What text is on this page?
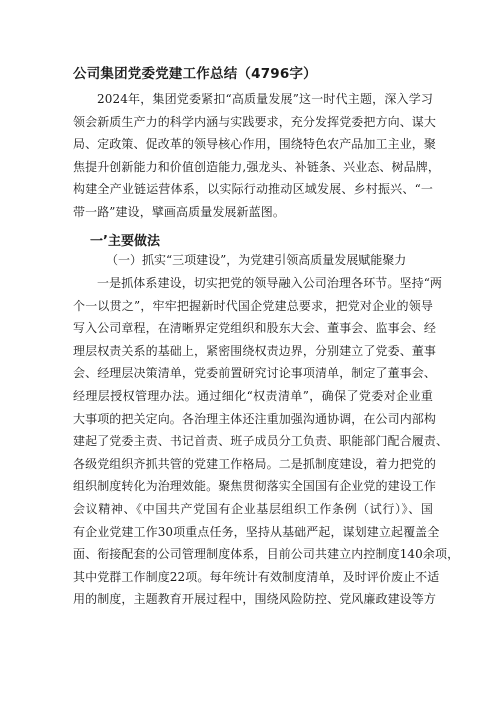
公司集团党委党建工作总结（4796字）
2024年，集团党委紧扣“高质量发展”这一时代主题，深入学习
领会新质生产力的科学内涵与实践要求，充分发挥党委把方向、谋大
局、定政策、促改革的领导核心作用，围绕特色农产品加工主业，聚
焦提升创新能力和价值创造能力,强龙头、补链条、兴业态、树品牌，
构建全产业链运营体系，以实际行动推动区域发展、乡村振兴、“一
带一路”建设，擘画高质量发展新蓝图。
一’主要做法
（一）抓实“三项建设”，为党建引领高质量发展赋能聚力
一是抓体系建设，切实把党的领导融入公司治理各环节。坚持“两
个一以贯之”，牢牢把握新时代国企党建总要求，把党对企业的领导
写入公司章程，在清晰界定党组织和股东大会、董事会、监事会、经
理层权责关系的基础上，紧密围绕权责边界，分别建立了党委、董事
会、经理层决策清单，党委前置研究讨论事项清单，制定了董事会、
经理层授权管理办法。通过细化“权责清单”，确保了党委对企业重
大事项的把关定向。各治理主体还注重加强沟通协调，在公司内部构
建起了党委主责、书记首责、班子成员分工负责、职能部门配合履责、
各级党组织齐抓共管的党建工作格局。二是抓制度建设，着力把党的
组织制度转化为治理效能。聚焦贯彻落实全国国有企业党的建设工作
会议精神、《中国共产党国有企业基层组织工作条例（试行）》、国
有企业党建工作30项重点任务，坚持从基础严起，谋划建立起覆盖全
面、衔接配套的公司管理制度体系，目前公司共建立内控制度140余项，
其中党群工作制度22项。每年统计有效制度清单，及时评价废止不适
用的制度，主题教育开展过程中，围绕风险防控、党风廉政建设等方
